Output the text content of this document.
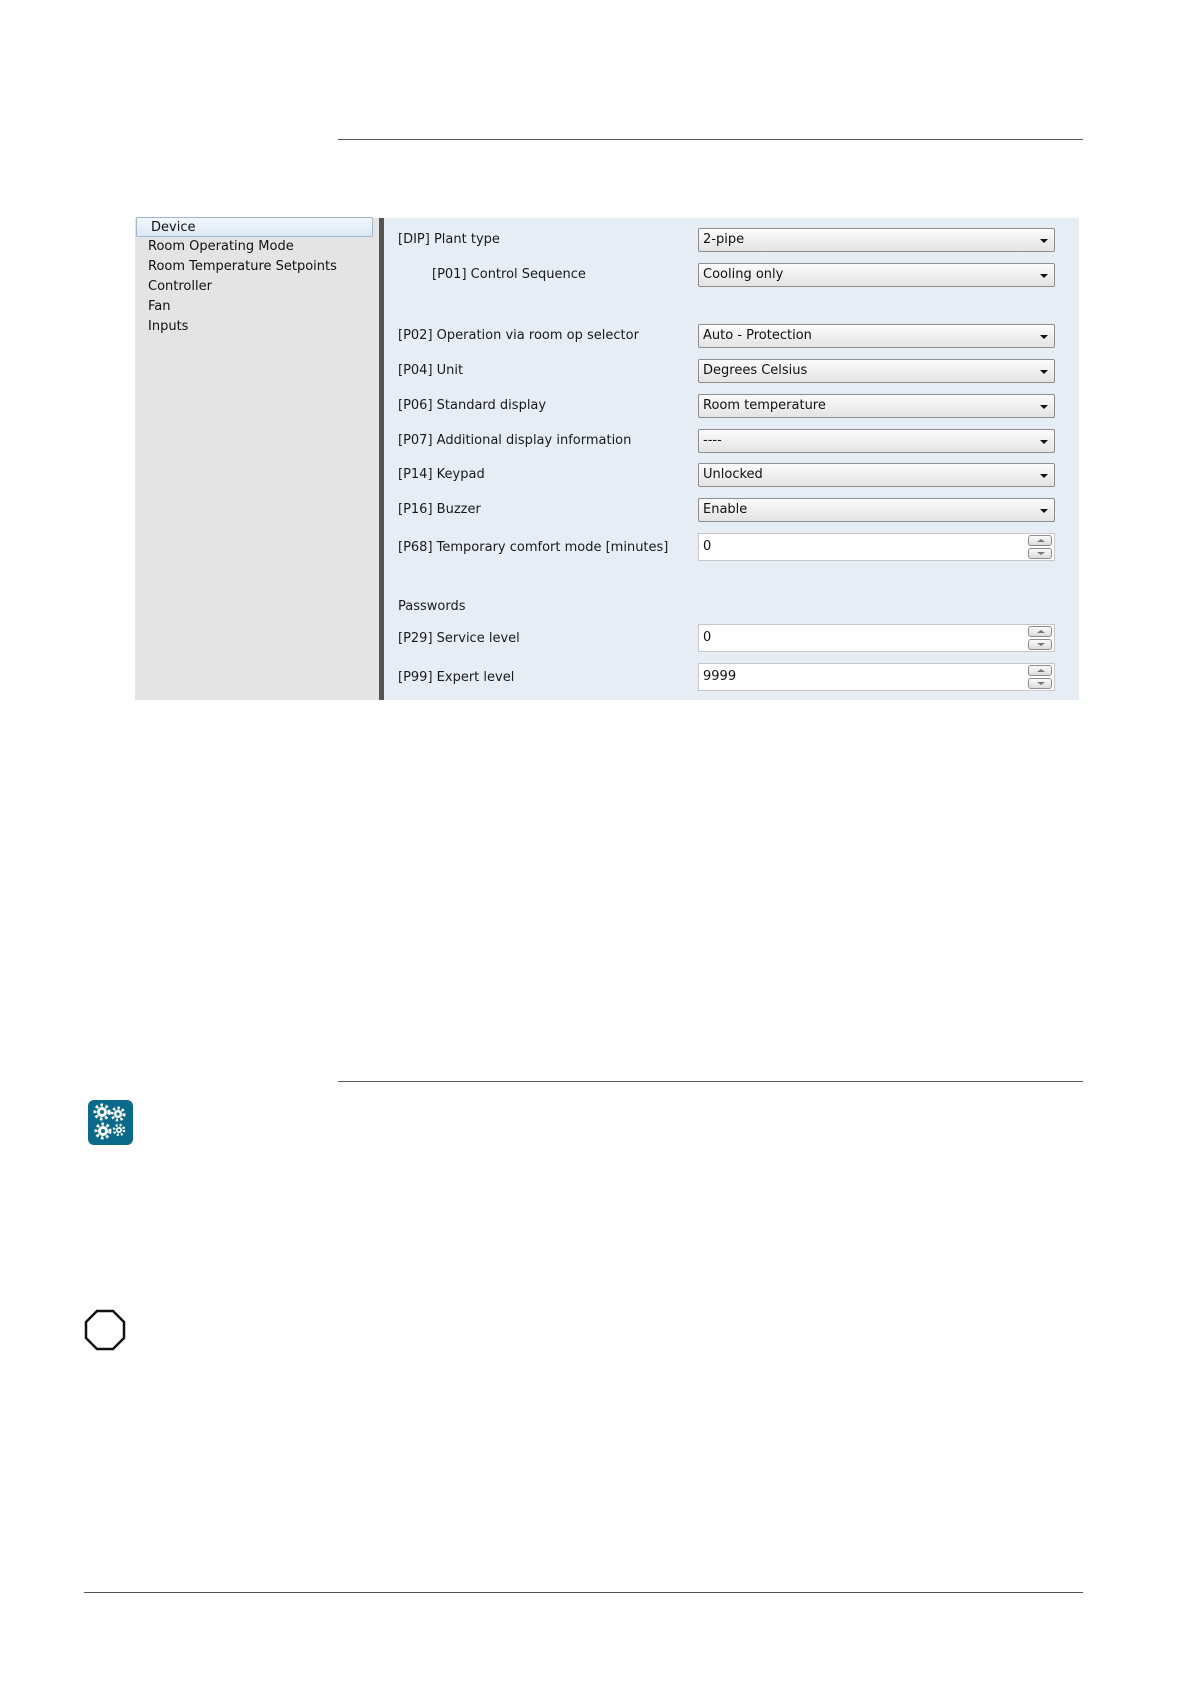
Device
Room Operating Mode
Room Temperature Setpoints
Controller
Fan
Inputs
[DIP] Plant type	2-pipe
[P01] Control Sequence	Cooling only
[P02] Operation via room op selector	Auto - Protection
[P04] Unit	Degrees Celsius
[P06] Standard display	Room temperature
[P07] Additional display information	----
[P14] Keypad	Unlocked
[P16] Buzzer	Enable
[P68] Temporary comfort mode [minutes]	0
Passwords
[P29] Service level	0
[P99] Expert level	9999
